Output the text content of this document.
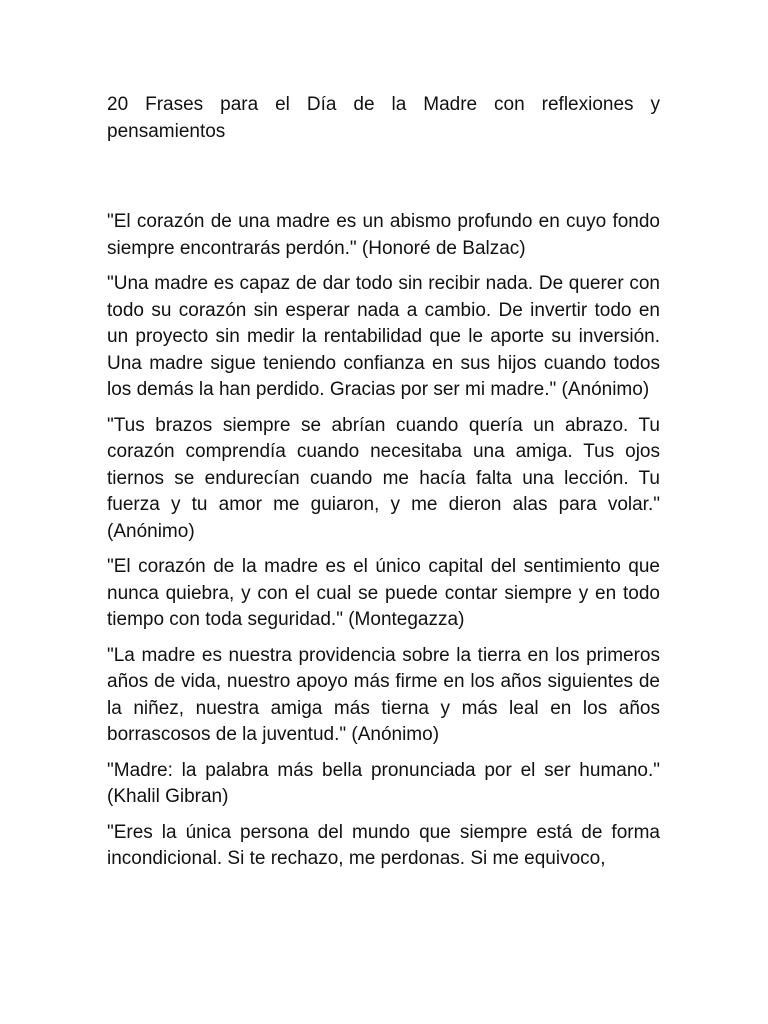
20 Frases para el Día de la Madre con reflexiones y pensamientos

"El corazón de una madre es un abismo profundo en cuyo fondo siempre encontrarás perdón." (Honoré de Balzac)

"Una madre es capaz de dar todo sin recibir nada. De querer con todo su corazón sin esperar nada a cambio. De invertir todo en un proyecto sin medir la rentabilidad que le aporte su inversión. Una madre sigue teniendo confianza en sus hijos cuando todos los demás la han perdido. Gracias por ser mi madre." (Anónimo)

"Tus brazos siempre se abrían cuando quería un abrazo. Tu corazón comprendía cuando necesitaba una amiga. Tus ojos tiernos se endurecían cuando me hacía falta una lección. Tu fuerza y tu amor me guiaron, y me dieron alas para volar." (Anónimo)

"El corazón de la madre es el único capital del sentimiento que nunca quiebra, y con el cual se puede contar siempre y en todo tiempo con toda seguridad." (Montegazza)

"La madre es nuestra providencia sobre la tierra en los primeros años de vida, nuestro apoyo más firme en los años siguientes de la niñez, nuestra amiga más tierna y más leal en los años borrascosos de la juventud." (Anónimo)

"Madre: la palabra más bella pronunciada por el ser humano." (Khalil Gibran)

"Eres la única persona del mundo que siempre está de forma incondicional. Si te rechazo, me perdonas. Si me equivoco,
